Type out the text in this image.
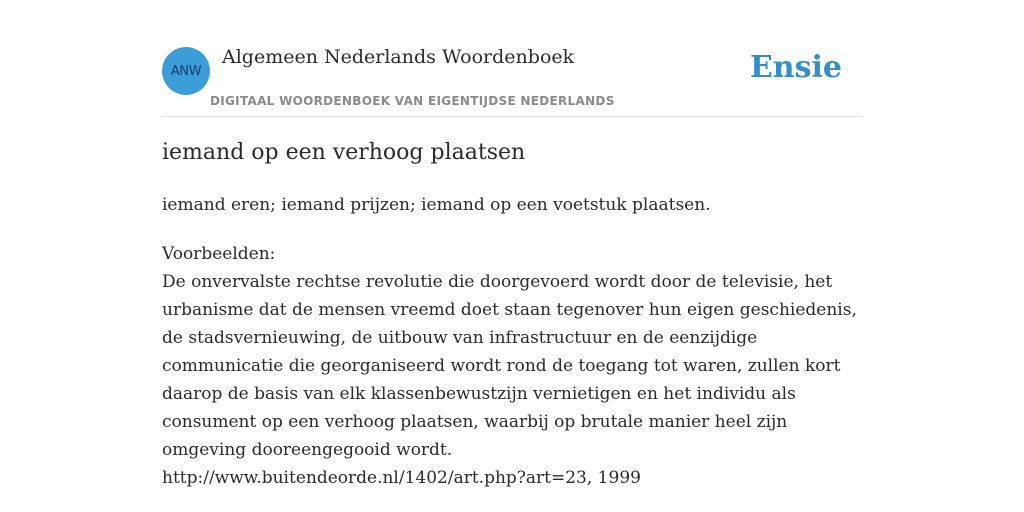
ANW
Algemeen Nederlands Woordenboek
DIGITAAL WOORDENBOEK VAN EIGENTIJDSE NEDERLANDS
Ensie
iemand op een verhoog plaatsen
iemand eren; iemand prijzen; iemand op een voetstuk plaatsen.
Voorbeelden:
De onvervalste rechtse revolutie die doorgevoerd wordt door de televisie, het urbanisme dat de mensen vreemd doet staan tegenover hun eigen geschiedenis, de stadsvernieuwing, de uitbouw van infrastructuur en de eenzijdige communicatie die georganiseerd wordt rond de toegang tot waren, zullen kort daarop de basis van elk klassenbewustzijn vernietigen en het individu als consument op een verhoog plaatsen, waarbij op brutale manier heel zijn omgeving dooreengegooid wordt.
http://www.buitendeorde.nl/1402/art.php?art=23, 1999
